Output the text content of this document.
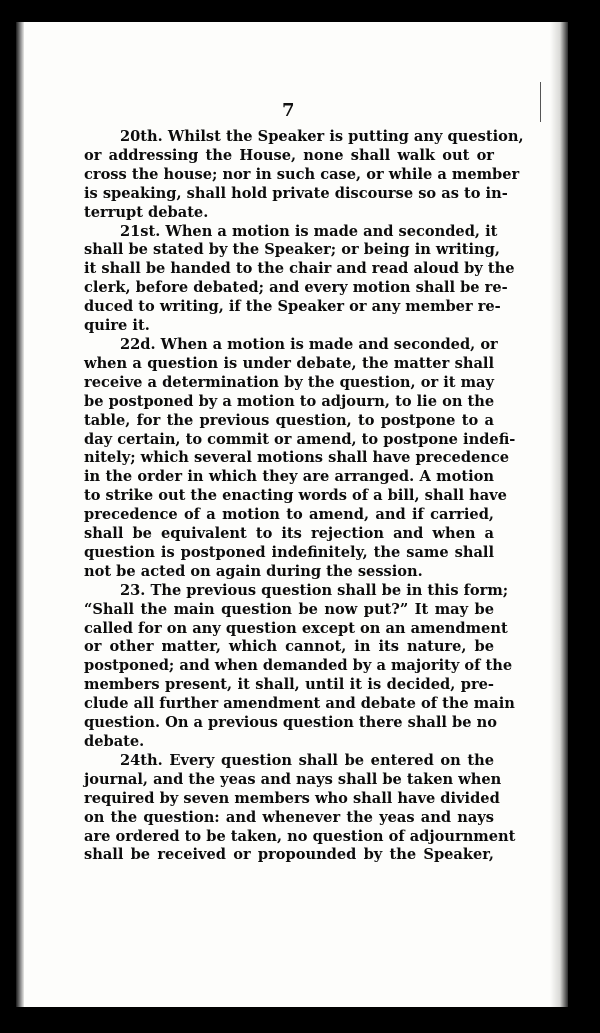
7
20th. Whilst the Speaker is putting any question,
or addressing the House, none shall walk out or
cross the house; nor in such case, or while a member
is speaking, shall hold private discourse so as to in-
terrupt debate.
21st. When a motion is made and seconded, it
shall be stated by the Speaker; or being in writing,
it shall be handed to the chair and read aloud by the
clerk, before debated; and every motion shall be re-
duced to writing, if the Speaker or any member re-
quire it.
22d. When a motion is made and seconded, or
when a question is under debate, the matter shall
receive a determination by the question, or it may
be postponed by a motion to adjourn, to lie on the
table, for the previous question, to postpone to a
day certain, to commit or amend, to postpone indefi-
nitely; which several motions shall have precedence
in the order in which they are arranged. A motion
to strike out the enacting words of a bill, shall have
precedence of a motion to amend, and if carried,
shall be equivalent to its rejection and when a
question is postponed indefinitely, the same shall
not be acted on again during the session.
23. The previous question shall be in this form;
“Shall the main question be now put?” It may be
called for on any question except on an amendment
or other matter, which cannot, in its nature, be
postponed; and when demanded by a majority of the
members present, it shall, until it is decided, pre-
clude all further amendment and debate of the main
question. On a previous question there shall be no
debate.
24th. Every question shall be entered on the
journal, and the yeas and nays shall be taken when
required by seven members who shall have divided
on the question: and whenever the yeas and nays
are ordered to be taken, no question of adjournment
shall be received or propounded by the Speaker,
